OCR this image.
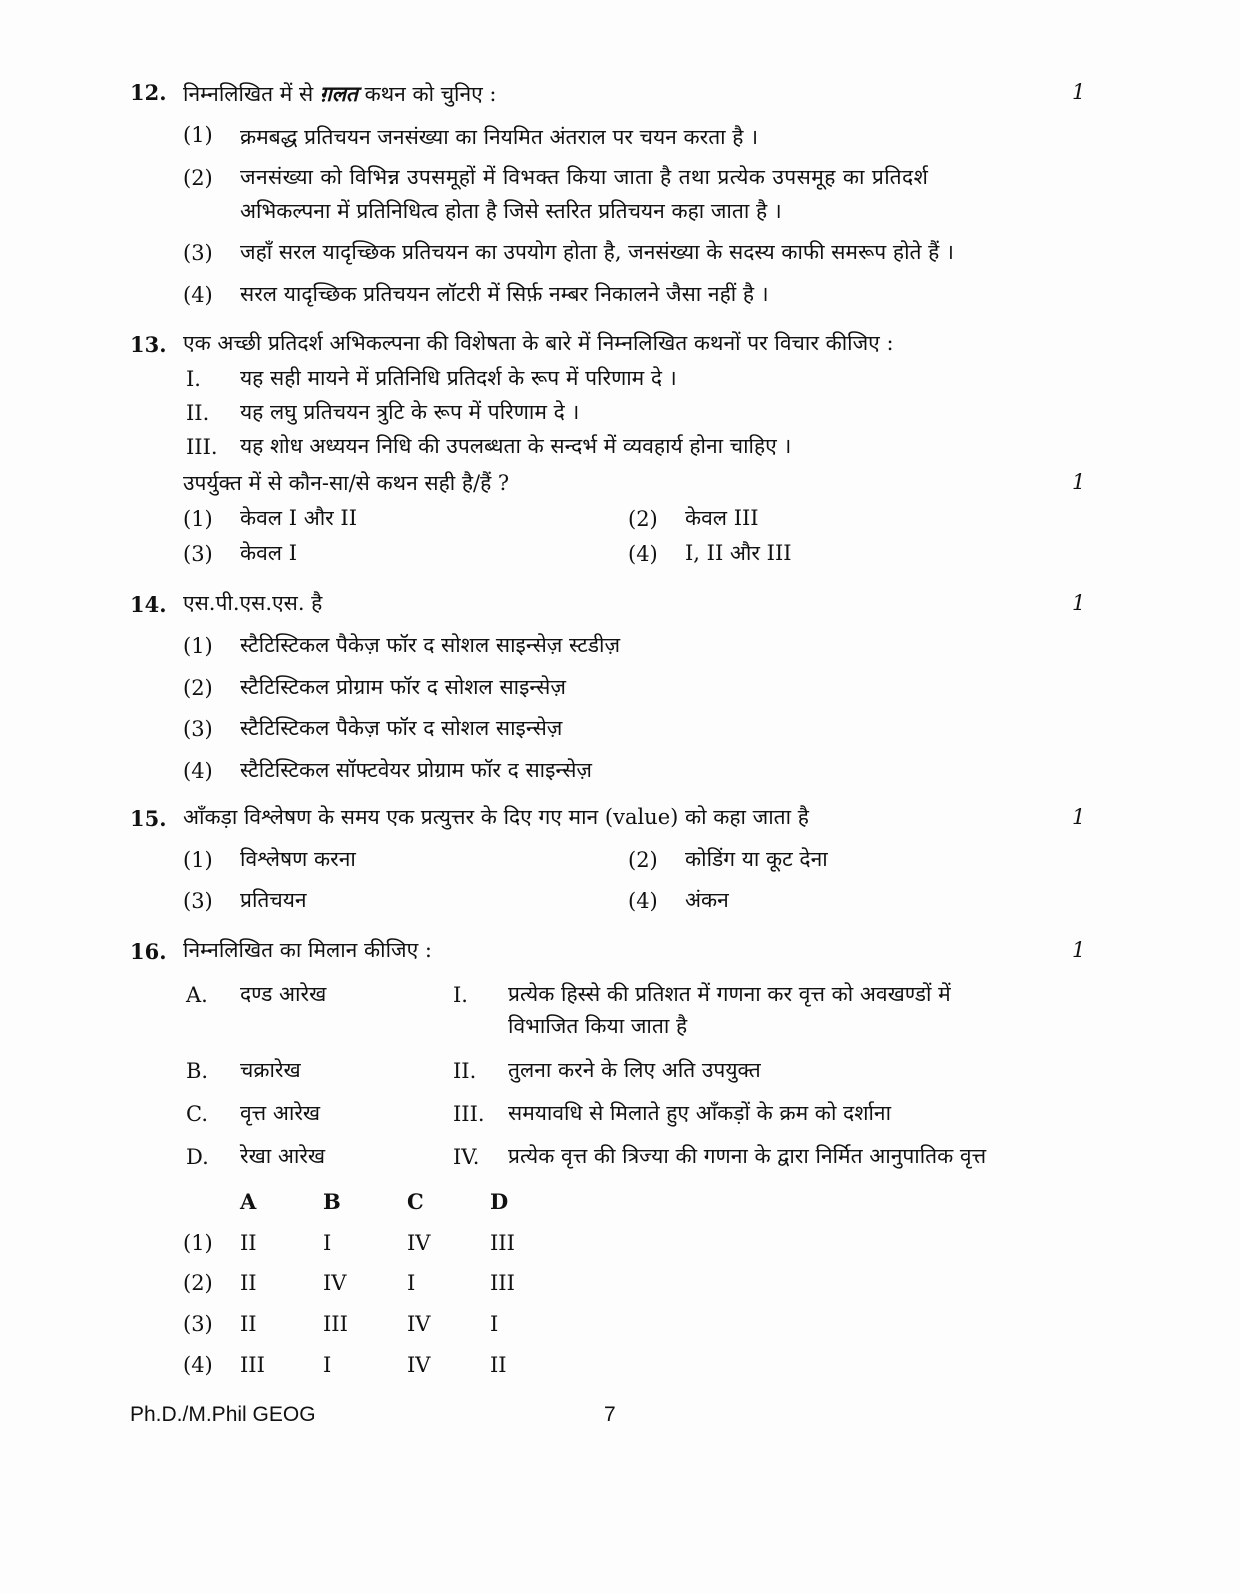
12. निम्नलिखित में से ग़लत कथन को चुनिए :	1
(1) क्रमबद्ध प्रतिचयन जनसंख्या का नियमित अंतराल पर चयन करता है ।
(2) जनसंख्या को विभिन्न उपसमूहों में विभक्त किया जाता है तथा प्रत्येक उपसमूह का प्रतिदर्श
अभिकल्पना में प्रतिनिधित्व होता है जिसे स्तरित प्रतिचयन कहा जाता है ।
(3) जहाँ सरल यादृच्छिक प्रतिचयन का उपयोग होता है, जनसंख्या के सदस्य काफी समरूप होते हैं ।
(4) सरल यादृच्छिक प्रतिचयन लॉटरी में सिर्फ़ नम्बर निकालने जैसा नहीं है ।
13. एक अच्छी प्रतिदर्श अभिकल्पना की विशेषता के बारे में निम्नलिखित कथनों पर विचार कीजिए :
I. यह सही मायने में प्रतिनिधि प्रतिदर्श के रूप में परिणाम दे ।
II. यह लघु प्रतिचयन त्रुटि के रूप में परिणाम दे ।
III. यह शोध अध्ययन निधि की उपलब्धता के सन्दर्भ में व्यवहार्य होना चाहिए ।
उपर्युक्त में से कौन-सा/से कथन सही है/हैं ?	1
(1) केवल I और II	(2) केवल III
(3) केवल I	(4) I, II और III
14. एस.पी.एस.एस. है	1
(1) स्टैटिस्टिकल पैकेज़ फॉर द सोशल साइन्सेज़ स्टडीज़
(2) स्टैटिस्टिकल प्रोग्राम फॉर द सोशल साइन्सेज़
(3) स्टैटिस्टिकल पैकेज़ फॉर द सोशल साइन्सेज़
(4) स्टैटिस्टिकल सॉफ्टवेयर प्रोग्राम फॉर द साइन्सेज़
15. आँकड़ा विश्लेषण के समय एक प्रत्युत्तर के दिए गए मान (value) को कहा जाता है	1
(1) विश्लेषण करना	(2) कोडिंग या कूट देना
(3) प्रतिचयन	(4) अंकन
16. निम्नलिखित का मिलान कीजिए :	1
A. दण्ड आरेख	I. प्रत्येक हिस्से की प्रतिशत में गणना कर वृत्त को अवखण्डों में
विभाजित किया जाता है
B. चक्रारेख	II. तुलना करने के लिए अति उपयुक्त
C. वृत्त आरेख	III. समयावधि से मिलाते हुए आँकड़ों के क्रम को दर्शाना
D. रेखा आरेख	IV. प्रत्येक वृत्त की त्रिज्या की गणना के द्वारा निर्मित आनुपातिक वृत्त
A	B	C	D
(1) II	I	IV	III
(2) II	IV	I	III
(3) II	III	IV	I
(4) III	I	IV	II
Ph.D./M.Phil GEOG	7
